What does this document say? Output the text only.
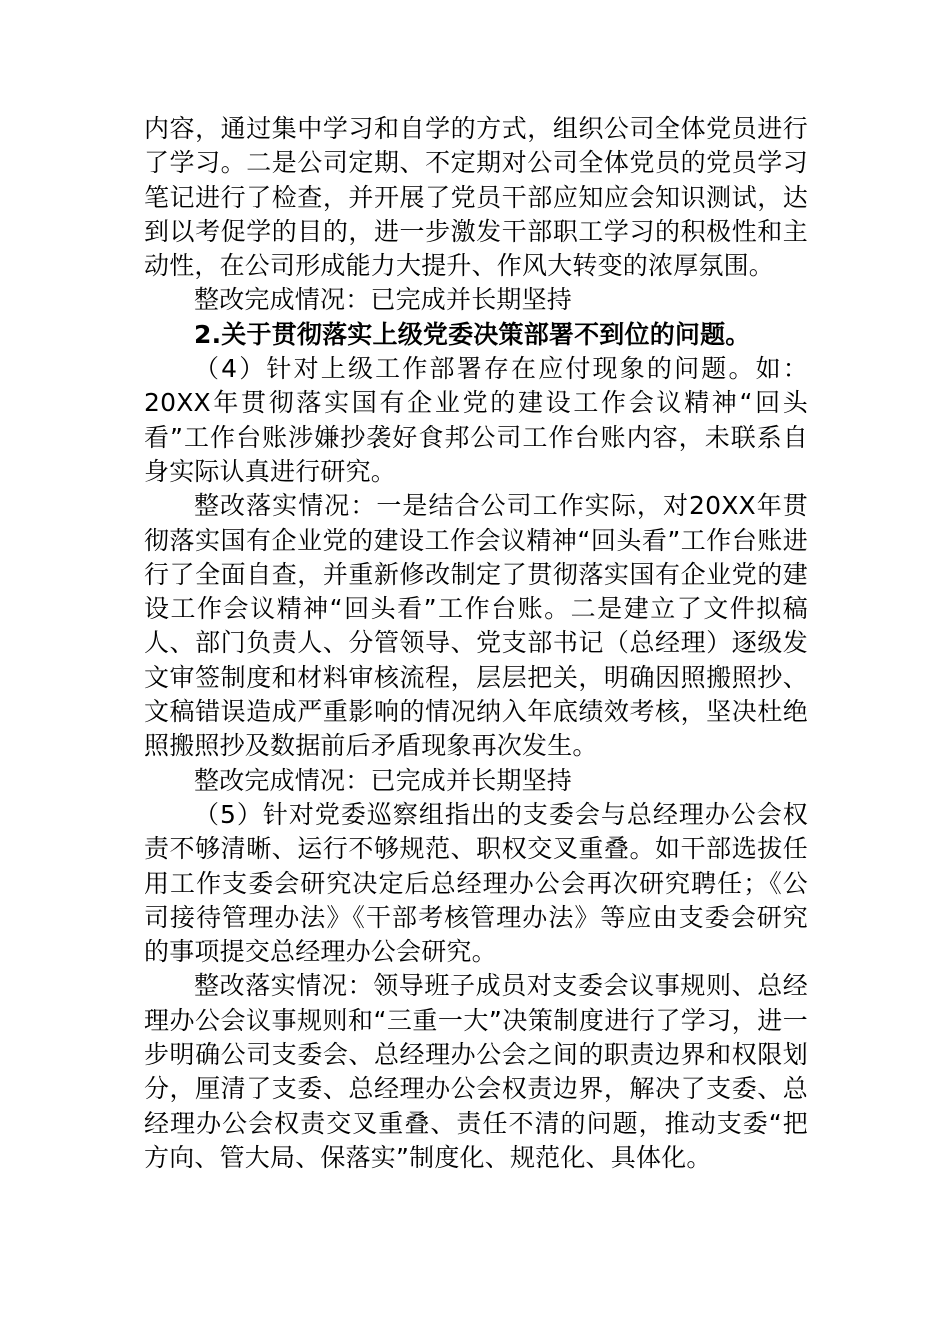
内容，通过集中学习和自学的方式，组织公司全体党员进行了学习。二是公司定期、不定期对公司全体党员的党员学习笔记进行了检查，并开展了党员干部应知应会知识测试，达到以考促学的目的，进一步激发干部职工学习的积极性和主动性，在公司形成能力大提升、作风大转变的浓厚氛围。

整改完成情况：已完成并长期坚持

2.关于贯彻落实上级党委决策部署不到位的问题。

（4）针对上级工作部署存在应付现象的问题。如：20XX年贯彻落实国有企业党的建设工作会议精神“回头看”工作台账涉嫌抄袭好食邦公司工作台账内容，未联系自身实际认真进行研究。

整改落实情况：一是结合公司工作实际，对20XX年贯彻落实国有企业党的建设工作会议精神“回头看”工作台账进行了全面自查，并重新修改制定了贯彻落实国有企业党的建设工作会议精神“回头看”工作台账。二是建立了文件拟稿人、部门负责人、分管领导、党支部书记（总经理）逐级发文审签制度和材料审核流程，层层把关，明确因照搬照抄、文稿错误造成严重影响的情况纳入年底绩效考核，坚决杜绝照搬照抄及数据前后矛盾现象再次发生。

整改完成情况：已完成并长期坚持

（5）针对党委巡察组指出的支委会与总经理办公会权责不够清晰、运行不够规范、职权交叉重叠。如干部选拔任用工作支委会研究决定后总经理办公会再次研究聘任；《公司接待管理办法》《干部考核管理办法》等应由支委会研究的事项提交总经理办公会研究。

整改落实情况：领导班子成员对支委会议事规则、总经理办公会议事规则和“三重一大”决策制度进行了学习，进一步明确公司支委会、总经理办公会之间的职责边界和权限划分，厘清了支委、总经理办公会权责边界，解决了支委、总经理办公会权责交叉重叠、责任不清的问题，推动支委“把方向、管大局、保落实”制度化、规范化、具体化。
